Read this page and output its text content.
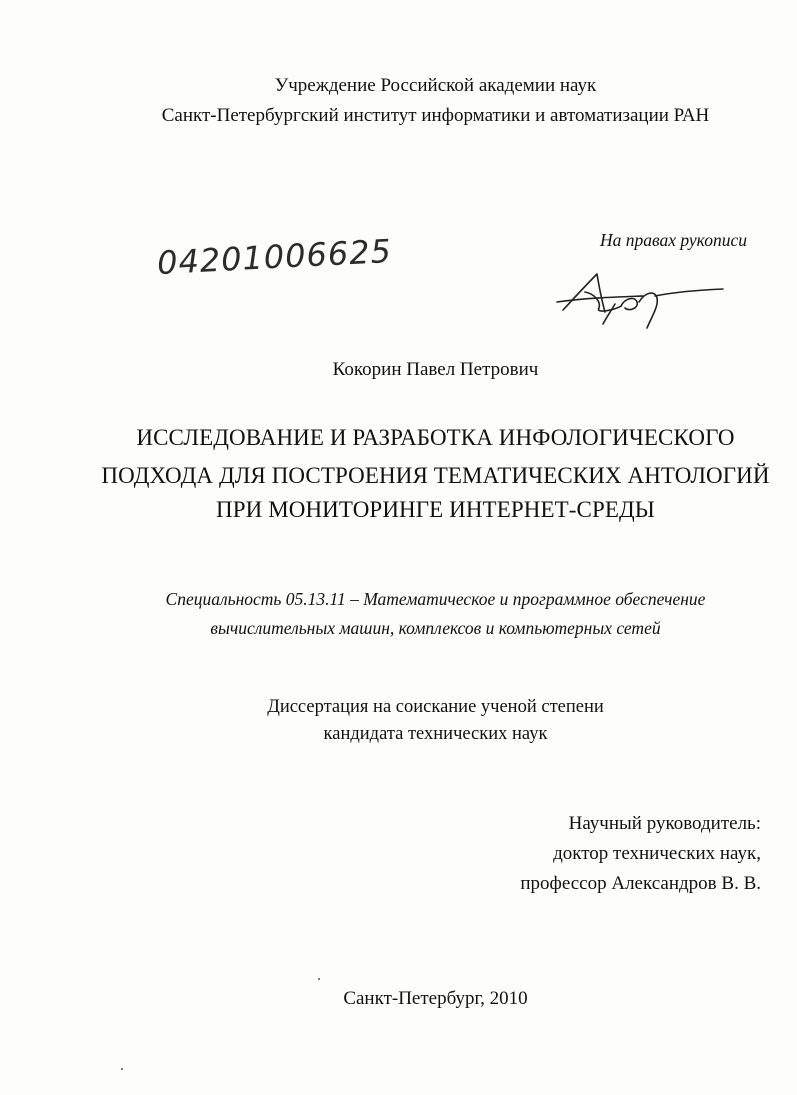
Учреждение Российской академии наук
Санкт-Петербургский институт информатики и автоматизации РАН
04201006625	На правах рукописи
Кокорин Павел Петрович
ИССЛЕДОВАНИЕ И РАЗРАБОТКА ИНФОЛОГИЧЕСКОГО
ПОДХОДА ДЛЯ ПОСТРОЕНИЯ ТЕМАТИЧЕСКИХ АНТОЛОГИЙ
ПРИ МОНИТОРИНГЕ ИНТЕРНЕТ-СРЕДЫ
Специальность 05.13.11 – Математическое и программное обеспечение
вычислительных машин, комплексов и компьютерных сетей
Диссертация на соискание ученой степени
кандидата технических наук
Научный руководитель:
доктор технических наук,
профессор Александров В. В.
Санкт-Петербург, 2010
